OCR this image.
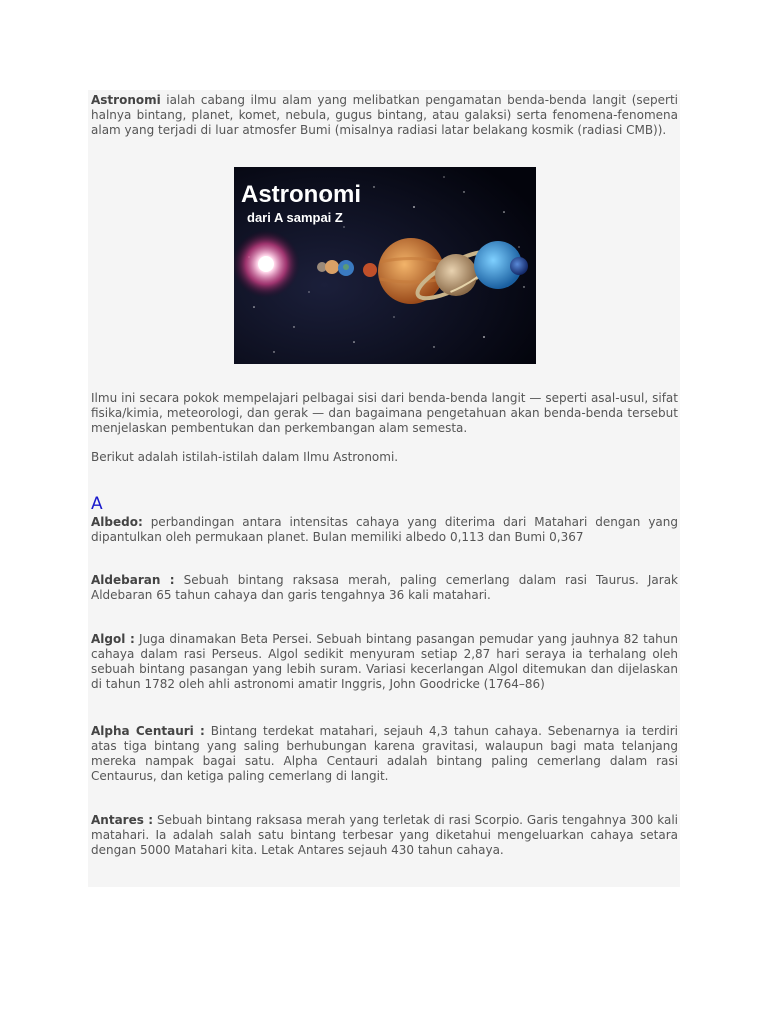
Astronomi ialah cabang ilmu alam yang melibatkan pengamatan benda-benda langit (seperti halnya bintang, planet, komet, nebula, gugus bintang, atau galaksi) serta fenomena-fenomena alam yang terjadi di luar atmosfer Bumi (misalnya radiasi latar belakang kosmik (radiasi CMB)).

Astronomi
dari A sampai Z

Ilmu ini secara pokok mempelajari pelbagai sisi dari benda-benda langit — seperti asal-usul, sifat fisika/kimia, meteorologi, dan gerak — dan bagaimana pengetahuan akan benda-benda tersebut menjelaskan pembentukan dan perkembangan alam semesta.

Berikut adalah istilah-istilah dalam Ilmu Astronomi.

A

Albedo: perbandingan antara intensitas cahaya yang diterima dari Matahari dengan yang dipantulkan oleh permukaan planet. Bulan memiliki albedo 0,113 dan Bumi 0,367

Aldebaran : Sebuah bintang raksasa merah, paling cemerlang dalam rasi Taurus. Jarak Aldebaran 65 tahun cahaya dan garis tengahnya 36 kali matahari.

Algol : Juga dinamakan Beta Persei. Sebuah bintang pasangan pemudar yang jauhnya 82 tahun cahaya dalam rasi Perseus. Algol sedikit menyuram setiap 2,87 hari seraya ia terhalang oleh sebuah bintang pasangan yang lebih suram. Variasi kecerlangan Algol ditemukan dan dijelaskan di tahun 1782 oleh ahli astronomi amatir Inggris, John Goodricke (1764–86)

Alpha Centauri : Bintang terdekat matahari, sejauh 4,3 tahun cahaya. Sebenarnya ia terdiri atas tiga bintang yang saling berhubungan karena gravitasi, walaupun bagi mata telanjang mereka nampak bagai satu. Alpha Centauri adalah bintang paling cemerlang dalam rasi Centaurus, dan ketiga paling cemerlang di langit.

Antares : Sebuah bintang raksasa merah yang terletak di rasi Scorpio. Garis tengahnya 300 kali matahari. Ia adalah salah satu bintang terbesar yang diketahui mengeluarkan cahaya setara dengan 5000 Matahari kita. Letak Antares sejauh 430 tahun cahaya.
